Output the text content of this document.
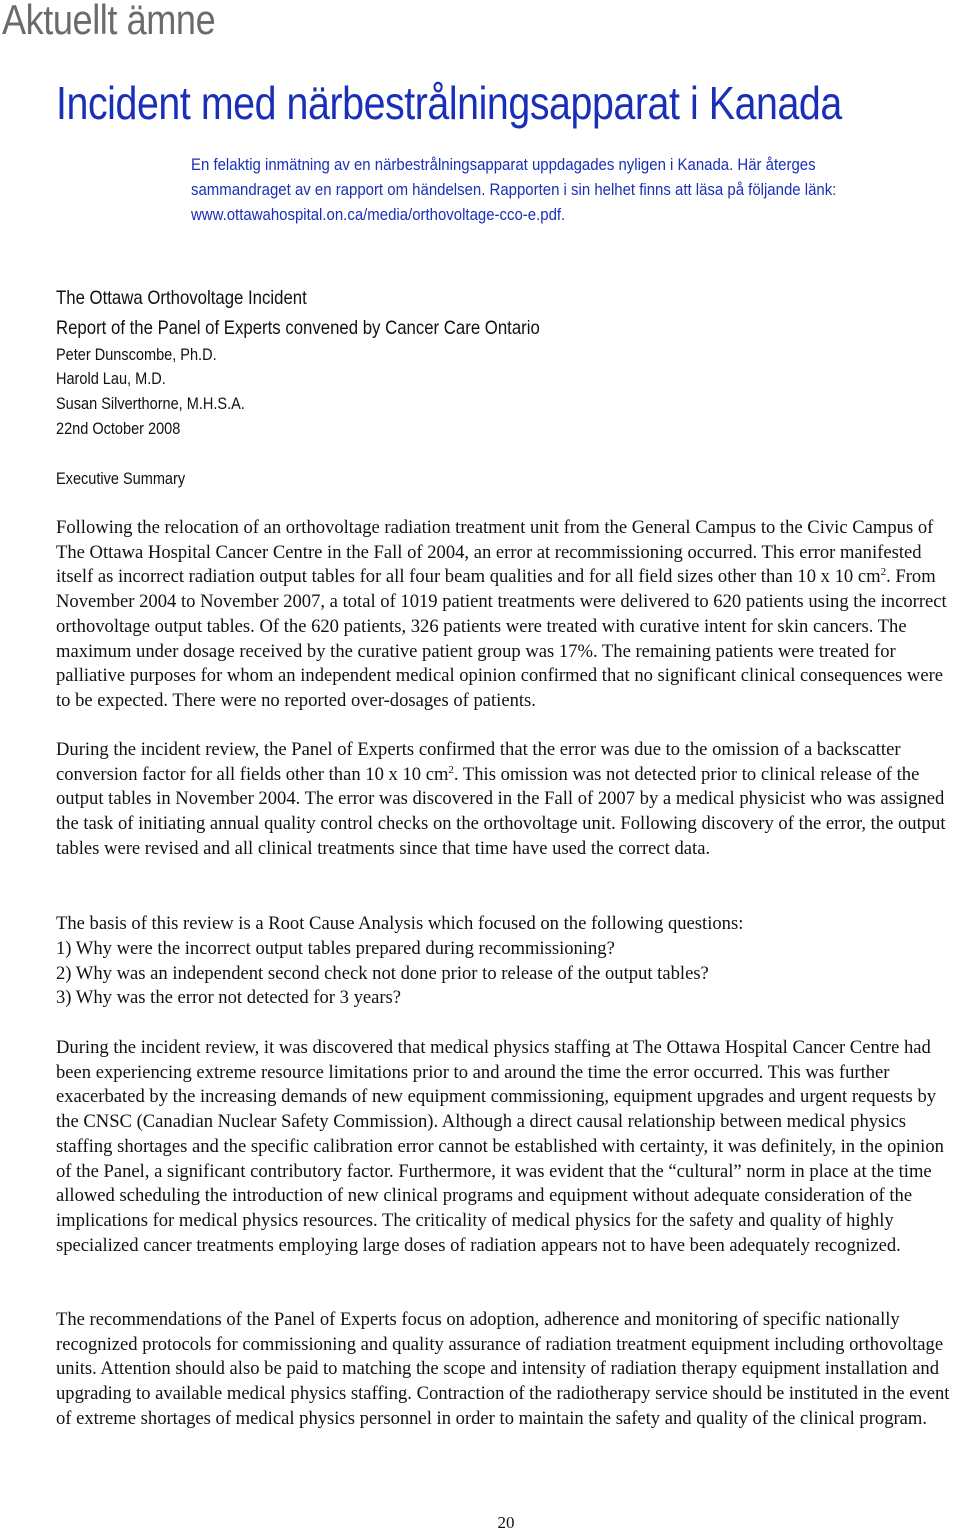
Aktuellt ämne
Incident med närbestrålningsapparat i Kanada
En felaktig inmätning av en närbestrålningsapparat uppdagades nyligen i Kanada. Här återges
sammandraget av en rapport om händelsen. Rapporten i sin helhet finns att läsa på följande länk:
www.ottawahospital.on.ca/media/orthovoltage-cco-e.pdf.
The Ottawa Orthovoltage Incident
Report of the Panel of Experts convened by Cancer Care Ontario
Peter Dunscombe, Ph.D.
Harold Lau, M.D.
Susan Silverthorne, M.H.S.A.
22nd October 2008
Executive Summary

Following the relocation of an orthovoltage radiation treatment unit from the General Campus to the Civic Campus of The Ottawa Hospital Cancer Centre in the Fall of 2004, an error at recommissioning occurred. This error manifested itself as incorrect radiation output tables for all four beam qualities and for all field sizes other than 10 x 10 $cm^2$. From November 2004 to November 2007, a total of 1019 patient treatments were delivered to 620 patients using the incorrect orthovoltage output tables. Of the 620 patients, 326 patients were treated with curative intent for skin cancers. The maximum under dosage received by the curative patient group was 17%. The remaining patients were treated for palliative purposes for whom an independent medical opinion confirmed that no significant clinical consequences were to be expected. There were no reported over-dosages of patients.

During the incident review, the Panel of Experts confirmed that the error was due to the omission of a backscatter conversion factor for all fields other than 10 x 10 $cm^2$. This omission was not detected prior to clinical release of the output tables in November 2004. The error was discovered in the Fall of 2007 by a medical physicist who was assigned the task of initiating annual quality control checks on the orthovoltage unit. Following discovery of the error, the output tables were revised and all clinical treatments since that time have used the correct data.

The basis of this review is a Root Cause Analysis which focused on the following questions:

1) Why were the incorrect output tables prepared during recommissioning?
2) Why was an independent second check not done prior to release of the output tables?
3) Why was the error not detected for 3 years?

During the incident review, it was discovered that medical physics staffing at The Ottawa Hospital Cancer Centre had been experiencing extreme resource limitations prior to and around the time the error occurred. This was further exacerbated by the increasing demands of new equipment commissioning, equipment upgrades and urgent requests by the CNSC (Canadian Nuclear Safety Commission). Although a direct causal relationship between medical physics staffing shortages and the specific calibration error cannot be established with certainty, it was definitely, in the opinion of the Panel, a significant contributory factor. Furthermore, it was evident that the “cultural” norm in place at the time allowed scheduling the introduction of new clinical programs and equipment without adequate consideration of the implications for medical physics resources. The criticality of medical physics for the safety and quality of highly specialized cancer treatments employing large doses of radiation appears not to have been adequately recognized.

The recommendations of the Panel of Experts focus on adoption, adherence and monitoring of specific nationally recognized protocols for commissioning and quality assurance of radiation treatment equipment including orthovoltage units. Attention should also be paid to matching the scope and intensity of radiation therapy equipment installation and upgrading to available medical physics staffing. Contraction of the radiotherapy service should be instituted in the event of extreme shortages of medical physics personnel in order to maintain the safety and quality of the clinical program.

20
